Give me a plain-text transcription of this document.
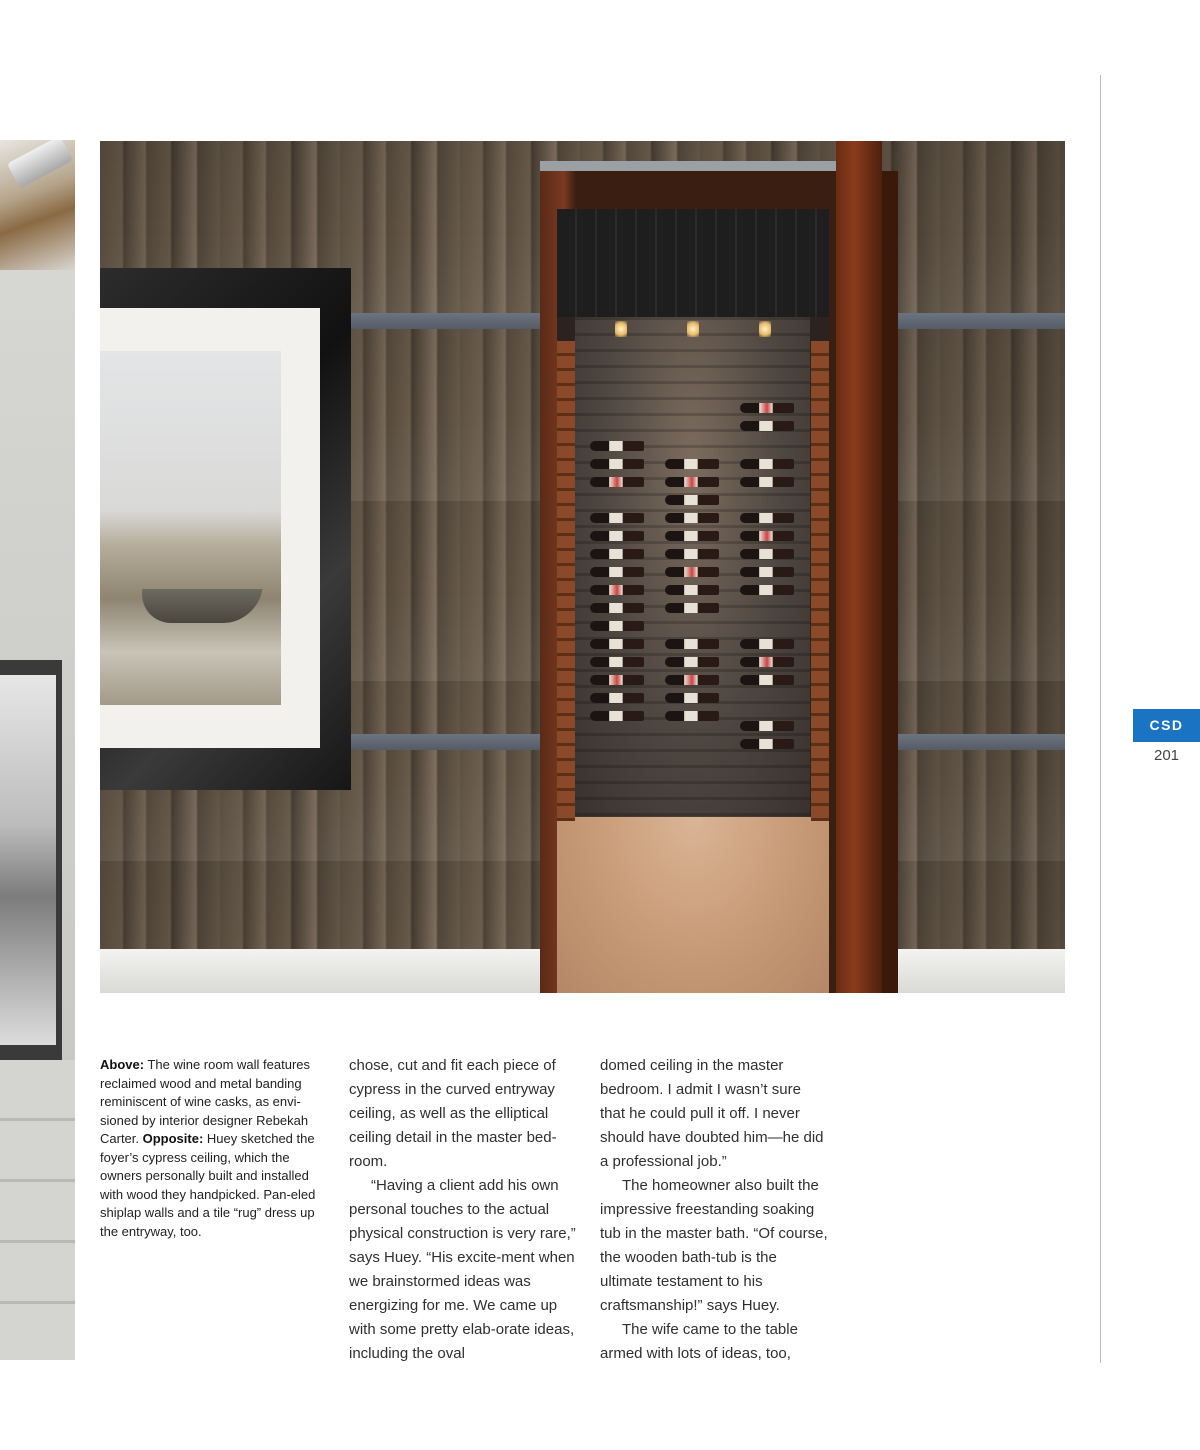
Above: The wine room wall features reclaimed wood and metal banding reminiscent of wine casks, as envi-sioned by interior designer Rebekah Carter. Opposite: Huey sketched the foyer’s cypress ceiling, which the owners personally built and installed with wood they handpicked. Pan-eled shiplap walls and a tile “rug” dress up the entryway, too.

chose, cut and fit each piece of cypress in the curved entryway ceiling, as well as the elliptical ceiling detail in the master bed-room.

“Having a client add his own personal touches to the actual physical construction is very rare,” says Huey. “His excite-ment when we brainstormed ideas was energizing for me. We came up with some pretty elab-orate ideas, including the oval

domed ceiling in the master bedroom. I admit I wasn’t sure that he could pull it off. I never should have doubted him—he did a professional job.”

The homeowner also built the impressive freestanding soaking tub in the master bath. “Of course, the wooden bath-tub is the ultimate testament to his craftsmanship!” says Huey.

The wife came to the table armed with lots of ideas, too,

CSD
201
